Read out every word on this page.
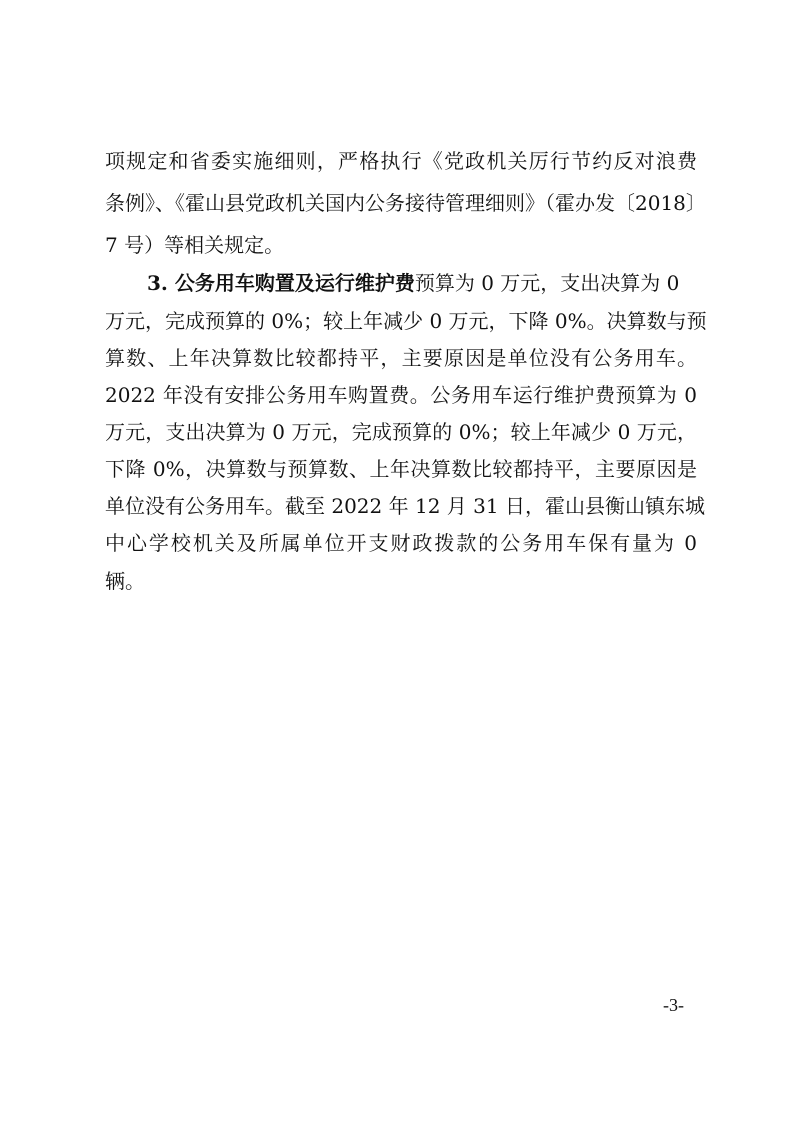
项规定和省委实施细则，严格执行《党政机关厉行节约反对浪费
条例》、《霍山县党政机关国内公务接待管理细则》（霍办发〔2018〕
7 号）等相关规定。
3. 公务用车购置及运行维护费预算为 0 万元，支出决算为 0
万元，完成预算的 0%；较上年减少 0 万元，下降 0%。决算数与预
算数、上年决算数比较都持平，主要原因是单位没有公务用车。
2022 年没有安排公务用车购置费。公务用车运行维护费预算为 0
万元，支出决算为 0 万元，完成预算的 0%；较上年减少 0 万元，
下降 0%，决算数与预算数、上年决算数比较都持平，主要原因是
单位没有公务用车。截至 2022 年 12 月 31 日，霍山县衡山镇东城
中心学校机关及所属单位开支财政拨款的公务用车保有量为 0
辆。
-3-
